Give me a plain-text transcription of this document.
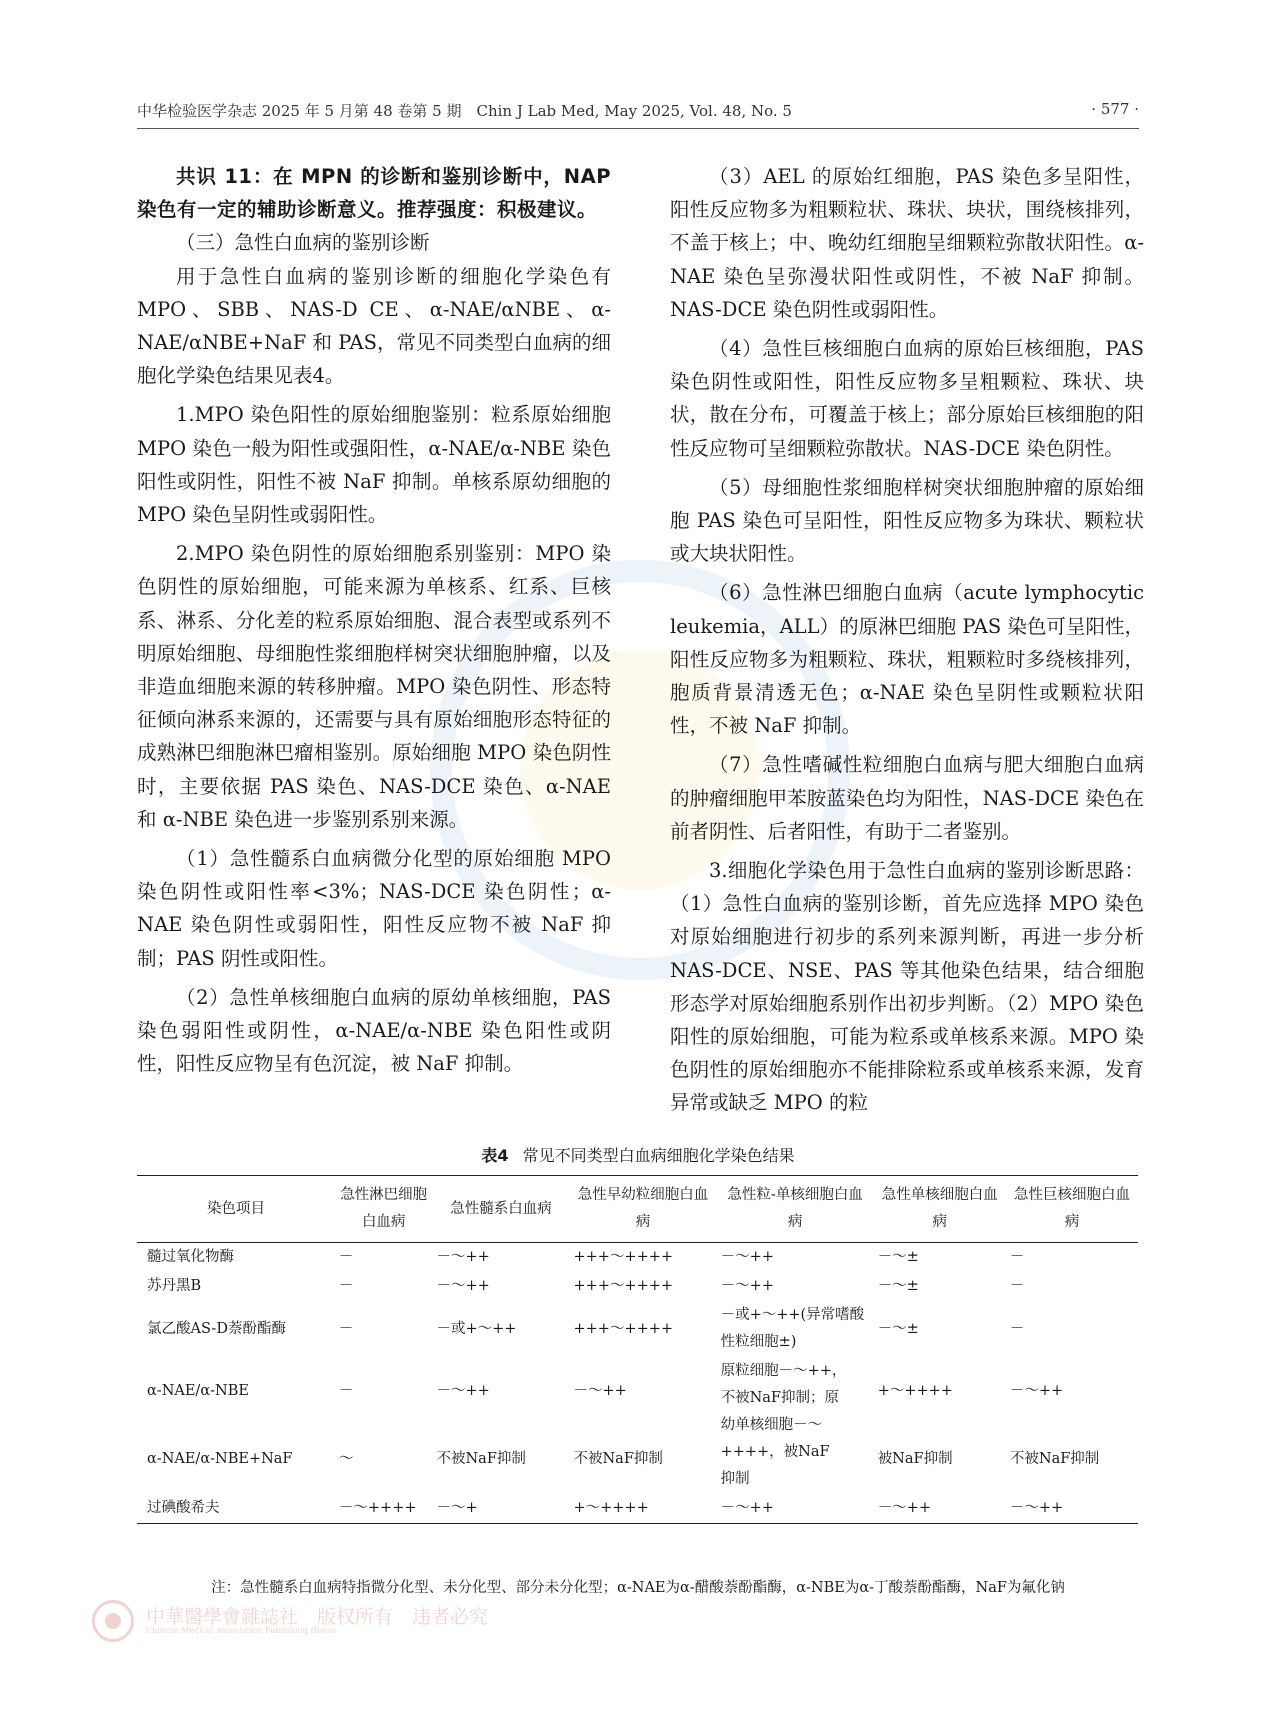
中华检验医学杂志 2025 年 5 月第 48 卷第 5 期　Chin J Lab Med, May 2025, Vol. 48, No. 5	· 577 ·

共识 11：在 MPN 的诊断和鉴别诊断中，NAP 染色有一定的辅助诊断意义。推荐强度：积极建议。

（三）急性白血病的鉴别诊断

用于急性白血病的鉴别诊断的细胞化学染色有 MPO、SBB、NAS-D CE、α-NAE/αNBE、α-NAE/αNBE+NaF 和 PAS，常见不同类型白血病的细胞化学染色结果见表4。

1.MPO 染色阳性的原始细胞鉴别：粒系原始细胞 MPO 染色一般为阳性或强阳性，α-NAE/α-NBE 染色阳性或阴性，阳性不被 NaF 抑制。单核系原幼细胞的 MPO 染色呈阴性或弱阳性。

2.MPO 染色阴性的原始细胞系别鉴别：MPO 染色阴性的原始细胞，可能来源为单核系、红系、巨核系、淋系、分化差的粒系原始细胞、混合表型或系列不明原始细胞、母细胞性浆细胞样树突状细胞肿瘤，以及非造血细胞来源的转移肿瘤。MPO 染色阴性、形态特征倾向淋系来源的，还需要与具有原始细胞形态特征的成熟淋巴细胞淋巴瘤相鉴别。原始细胞 MPO 染色阴性时，主要依据 PAS 染色、NAS-DCE 染色、α-NAE 和 α-NBE 染色进一步鉴别系别来源。

（1）急性髓系白血病微分化型的原始细胞 MPO 染色阴性或阳性率<3%；NAS-DCE 染色阴性；α-NAE 染色阴性或弱阳性，阳性反应物不被 NaF 抑制；PAS 阴性或阳性。

（2）急性单核细胞白血病的原幼单核细胞，PAS 染色弱阳性或阴性，α-NAE/α-NBE 染色阳性或阴性，阳性反应物呈有色沉淀，被 NaF 抑制。

（3）AEL 的原始红细胞，PAS 染色多呈阳性，阳性反应物多为粗颗粒状、珠状、块状，围绕核排列，不盖于核上；中、晚幼红细胞呈细颗粒弥散状阳性。α-NAE 染色呈弥漫状阳性或阴性，不被 NaF 抑制。NAS-DCE 染色阴性或弱阳性。

（4）急性巨核细胞白血病的原始巨核细胞，PAS 染色阴性或阳性，阳性反应物多呈粗颗粒、珠状、块状，散在分布，可覆盖于核上；部分原始巨核细胞的阳性反应物可呈细颗粒弥散状。NAS-DCE 染色阴性。

（5）母细胞性浆细胞样树突状细胞肿瘤的原始细胞 PAS 染色可呈阳性，阳性反应物多为珠状、颗粒状或大块状阳性。

（6）急性淋巴细胞白血病（acute lymphocytic leukemia，ALL）的原淋巴细胞 PAS 染色可呈阳性，阳性反应物多为粗颗粒、珠状，粗颗粒时多绕核排列，胞质背景清透无色；α-NAE 染色呈阴性或颗粒状阳性，不被 NaF 抑制。

（7）急性嗜碱性粒细胞白血病与肥大细胞白血病的肿瘤细胞甲苯胺蓝染色均为阳性，NAS-DCE 染色在前者阴性、后者阳性，有助于二者鉴别。

3.细胞化学染色用于急性白血病的鉴别诊断思路：（1）急性白血病的鉴别诊断，首先应选择 MPO 染色对原始细胞进行初步的系列来源判断，再进一步分析 NAS-DCE、NSE、PAS 等其他染色结果，结合细胞形态学对原始细胞系别作出初步判断。（2）MPO 染色阳性的原始细胞，可能为粒系或单核系来源。MPO 染色阴性的原始细胞亦不能排除粒系或单核系来源，发育异常或缺乏 MPO 的粒

表4 常见不同类型白血病细胞化学染色结果
染色项目	急性淋巴细胞白血病	急性髓系白血病	急性早幼粒细胞白血病	急性粒-单核细胞白血病	急性单核细胞白血病	急性巨核细胞白血病
髓过氧化物酶	－	－～++	+++～++++	－～++	－～±	－
苏丹黑B	－	－～++	+++～++++	－～++	－～±	－
氯乙酸AS-D萘酚酯酶	－	－或+～++	+++～++++	－或+～++(异常嗜酸性粒细胞±)	－～±	－
α-NAE/α-NBE	－	－～++	－～++	原粒细胞－～++，
不被NaF抑制；原
幼单核细胞－～
++++，被NaF
抑制	+～++++	－～++
α-NAE/α-NBE+NaF	～	不被NaF抑制	不被NaF抑制		被NaF抑制	不被NaF抑制
过碘酸希夫	－～++++	－～+	+～++++	－～++	－～++	－～++
注：急性髓系白血病特指微分化型、未分化型、部分未分化型；α-NAE为α-醋酸萘酚酯酶，α-NBE为α-丁酸萘酚酯酶，NaF为氟化钠
中華醫學會雜誌社　版权所有　违者必究
Chinese Medical Association Publishing House
